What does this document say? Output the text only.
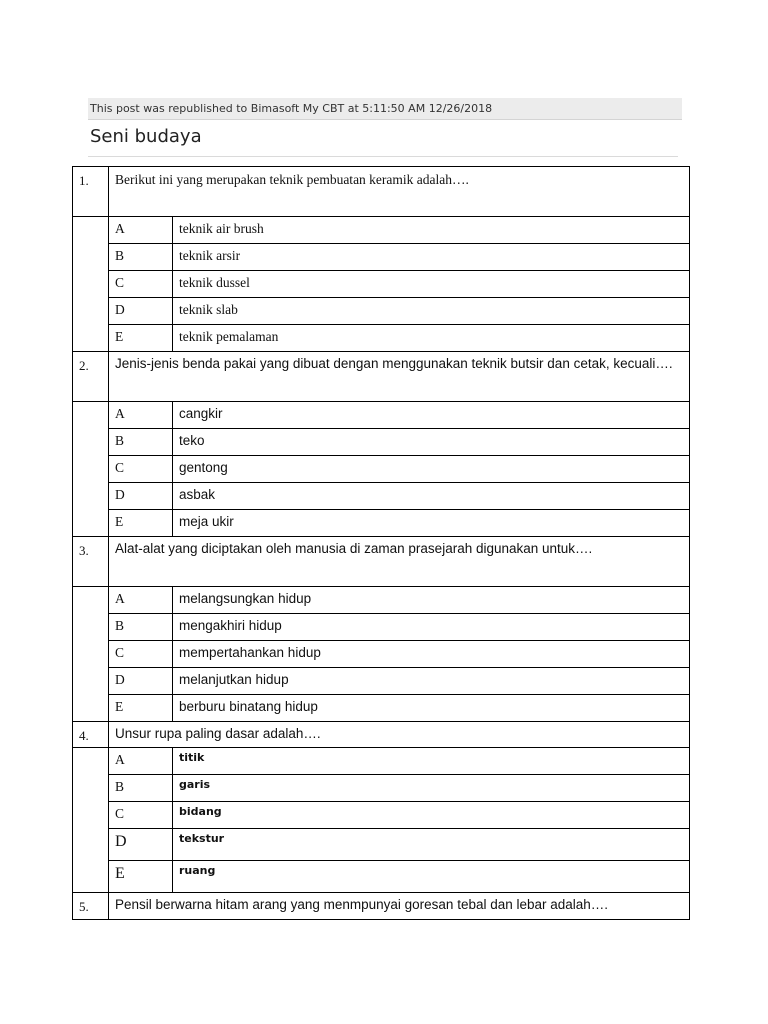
This post was republished to Bimasoft My CBT at 5:11:50 AM 12/26/2018
Seni budaya
1.	Berikut ini yang merupakan teknik pembuatan keramik adalah….	
	A	teknik air brush
	B	teknik arsir
	C	teknik dussel
	D	teknik slab
	E	teknik pemalaman
2.	Jenis-jenis benda pakai yang dibuat dengan menggunakan teknik butsir dan cetak, kecuali….	
	A	cangkir
	B	teko
	C	gentong
	D	asbak
	E	meja ukir
3.	Alat-alat yang diciptakan oleh manusia di zaman prasejarah digunakan untuk….	
	A	melangsungkan hidup
	B	mengakhiri hidup
	C	mempertahankan hidup
	D	melanjutkan hidup
	E	berburu binatang hidup
4.	Unsur rupa paling dasar adalah….	
	A	titik
	B	garis
	C	bidang
	D	tekstur
	E	ruang
5.	Pensil berwarna hitam arang yang menmpunyai goresan tebal dan lebar adalah….	
